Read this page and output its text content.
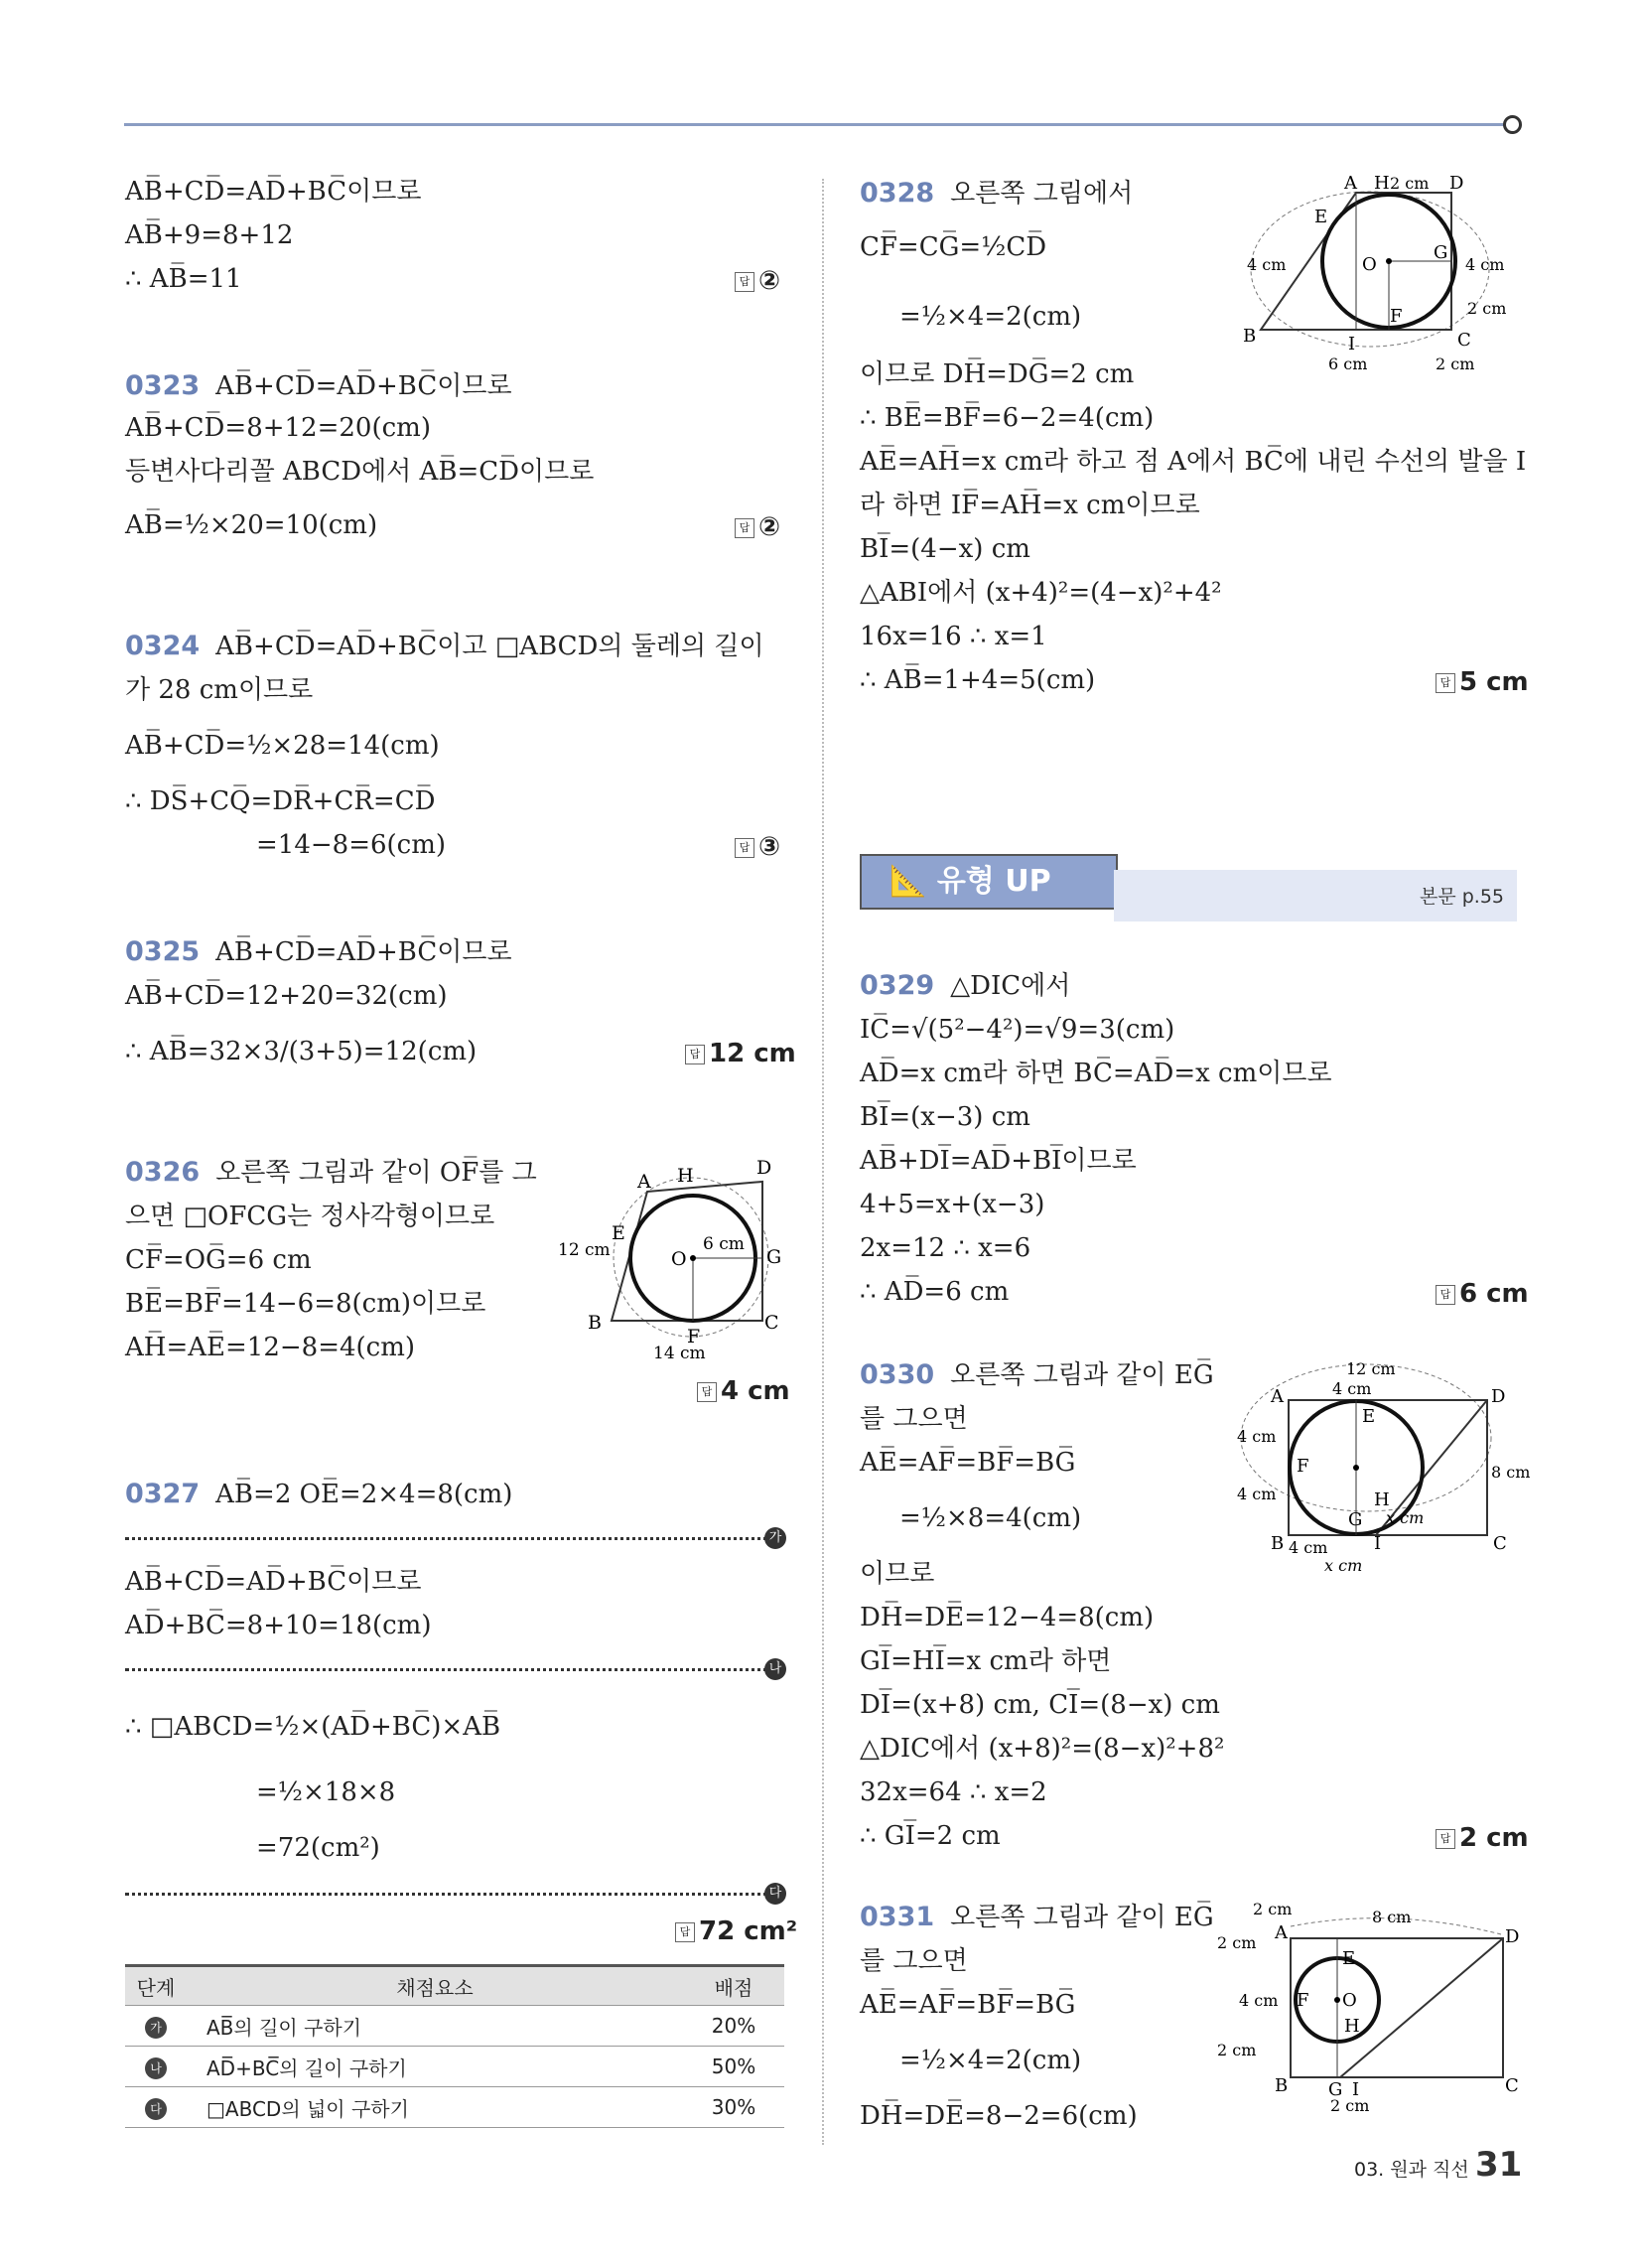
AB̅+CD̅=AD̅+BC̅이므로
AB̅+9=8+12
∴ AB̅=11	답 ②
0323 AB̅+CD̅=AD̅+BC̅이므로
AB̅+CD̅=8+12=20(cm)
등변사다리꼴 ABCD에서 AB̅=CD̅이므로
AB̅=½×20=10(cm)	답 ②
0324 AB̅+CD̅=AD̅+BC̅이고 □ABCD의 둘레의 길이
가 28 cm이므로
AB̅+CD̅=½×28=14(cm)
∴ DS̅+CQ̅=DR̅+CR̅=CD̅
=14−8=6(cm)	답 ③
0325 AB̅+CD̅=AD̅+BC̅이므로
AB̅+CD̅=12+20=32(cm)
∴ AB̅=32×3/(3+5)=12(cm)	답 12 cm
0326 오른쪽 그림과 같이 OF̅를 그
으면 □OFCG는 정사각형이므로
CF̅=OG̅=6 cm
BE̅=BF̅=14−6=8(cm)이므로
AH̅=AE̅=12−8=4(cm)
답 4 cm
A H	D
E
O	G
B
F
C
12 cm	6 cm
14 cm
0327 AB̅=2 OE̅=2×4=8(cm)
가
AB̅+CD̅=AD̅+BC̅이므로
AD̅+BC̅=8+10=18(cm)
나
∴ □ABCD=½×(AD̅+BC̅)×AB̅
=½×18×8
=72(cm²)
다
답 72 cm²
단계	채점요소	배점
가	AB̅의 길이 구하기	20%
나	AD̅+BC̅의 길이 구하기	50%
다	□ABCD의 넓이 구하기	30%
0328 오른쪽 그림에서
CF̅=CG̅=½CD̅
=½×4=2(cm)
이므로 DH̅=DG̅=2 cm
∴ BE̅=BF̅=6−2=4(cm)
AE̅=AH̅=x cm라 하고 점 A에서 BC̅에 내린 수선의 발을 I
라 하면 IF̅=AH̅=x cm이므로
BI̅=(4−x) cm
△ABI에서 (x+4)²=(4−x)²+4²
16x=16 ∴ x=1
∴ AB̅=1+4=5(cm)	답 5 cm
A H	D
2 cm
E
O
G
B
F
I	C
4 cm	4 cm
2 cm
6 cm	2 cm
📐 유형 UP	본문 p.55
0329 △DIC에서
IC̅=√(5²−4²)=√9=3(cm)
AD̅=x cm라 하면 BC̅=AD̅=x cm이므로
BI̅=(x−3) cm
AB̅+DI̅=AD̅+BI̅이므로
4+5=x+(x−3)
2x=12 ∴ x=6
∴ AD̅=6 cm	답 6 cm
0330 오른쪽 그림과 같이 EG̅
를 그으면
AE̅=AF̅=BF̅=BG̅
=½×8=4(cm)
이므로
DH̅=DE̅=12−4=8(cm)
GI̅=HI̅=x cm라 하면
DI̅=(x+8) cm, CI̅=(8−x) cm
△DIC에서 (x+8)²=(8−x)²+8²
32x=64 ∴ x=2
∴ GI̅=2 cm	답 2 cm
A	D
E
F
H
G
I
B	C
12 cm
4 cm
4 cm
4 cm
8 cm
4 cm
x cm
x cm
0331 오른쪽 그림과 같이 EG̅
를 그으면
AE̅=AF̅=BF̅=BG̅
=½×4=2(cm)
DH̅=DE̅=8−2=6(cm)
A	D
E
F O
H
G I
B	C
2 cm	8 cm
2 cm
4 cm
2 cm
2 cm
03. 원과 직선 31
